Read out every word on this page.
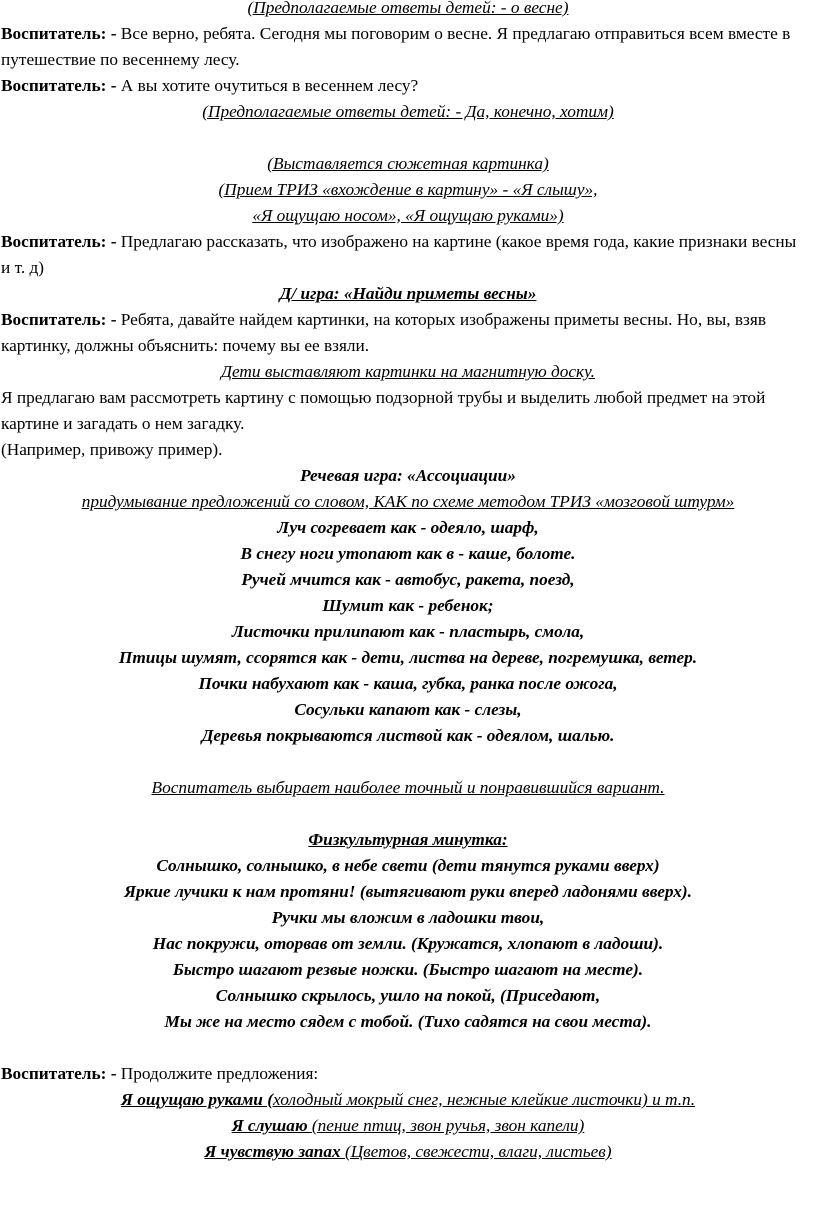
(Предполагаемые ответы детей: - о весне)
Воспитатель: - Все верно, ребята. Сегодня мы поговорим о весне. Я предлагаю отправиться всем вместе в путешествие по весеннему лесу.
Воспитатель: - А вы хотите очутиться в весеннем лесу?
(Предполагаемые ответы детей: - Да, конечно, хотим)
(Выставляется сюжетная картинка)
(Прием ТРИЗ «вхождение в картину» - «Я слышу»,
«Я ощущаю носом», «Я ощущаю руками»)
Воспитатель: - Предлагаю рассказать, что изображено на картине (какое время года, какие признаки весны и т. д)
Д/ игра: «Найди приметы весны»
Воспитатель: - Ребята, давайте найдем картинки, на которых изображены приметы весны. Но, вы, взяв картинку, должны объяснить: почему вы ее взяли.
Дети выставляют картинки на магнитную доску.
Я предлагаю вам рассмотреть картину с помощью подзорной трубы и выделить любой предмет на этой картине и загадать о нем загадку.
(Например, привожу пример).
Речевая игра: «Ассоциации»
придумывание предложений со словом, КАК по схеме методом ТРИЗ «мозговой штурм»
Луч согревает как - одеяло, шарф,
В снегу ноги утопают как в - каше, болоте.
Ручей мчится как - автобус, ракета, поезд,
Шумит как - ребенок;
Листочки прилипают как - пластырь, смола,
Птицы шумят, ссорятся как - дети, листва на дереве, погремушка, ветер.
Почки набухают как - каша, губка, ранка после ожога,
Сосульки капают как - слезы,
Деревья покрываются листвой как - одеялом, шалью.
Воспитатель выбирает наиболее точный и понравившийся вариант.
Физкультурная минутка:
Солнышко, солнышко, в небе свети (дети тянутся руками вверх)
Яркие лучики к нам протяни! (вытягивают руки вперед ладонями вверх).
Ручки мы вложим в ладошки твои,
Нас покружи, оторвав от земли. (Кружатся, хлопают в ладоши).
Быстро шагают резвые ножки. (Быстро шагают на месте).
Солнышко скрылось, ушло на покой, (Приседают,
Мы же на место сядем с тобой. (Тихо садятся на свои места).
Воспитатель: - Продолжите предложения:
Я ощущаю руками (холодный мокрый снег, нежные клейкие листочки) и т.п.
Я слушаю (пение птиц, звон ручья, звон капели)
Я чувствую запах (Цветов, свежести, влаги, листьев)
